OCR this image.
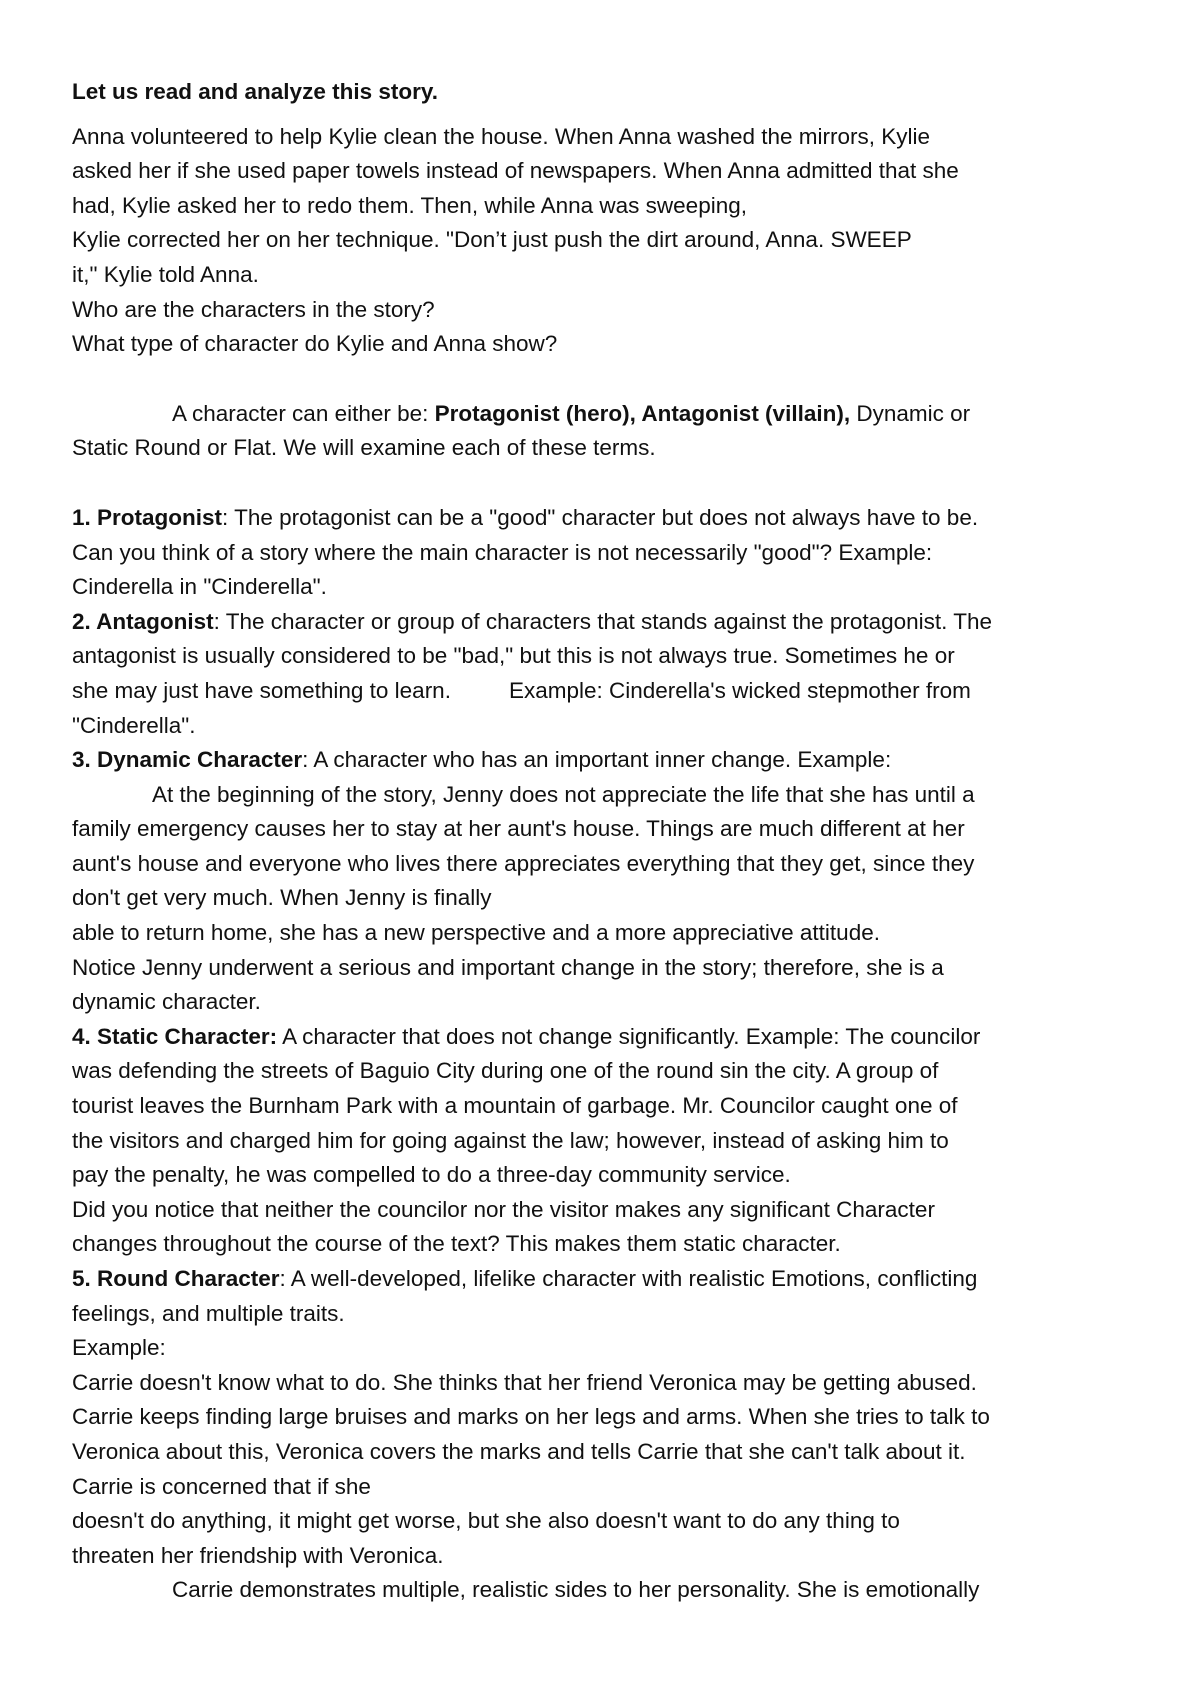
Let us read and analyze this story.

Anna volunteered to help Kylie clean the house. When Anna washed the mirrors, Kylie

asked her if she used paper towels instead of newspapers. When Anna admitted that she

had, Kylie asked her to redo them. Then, while Anna was sweeping,

Kylie corrected her on her technique. "Don’t just push the dirt around, Anna. SWEEP

it," Kylie told Anna.

Who are the characters in the story?

What type of character do Kylie and Anna show?

A character can either be: Protagonist (hero), Antagonist (villain), Dynamic or

Static Round or Flat. We will examine each of these terms.

1. Protagonist: The protagonist can be a "good" character but does not always have to be.

Can you think of a story where the main character is not necessarily "good"? Example:

Cinderella in "Cinderella".

2. Antagonist: The character or group of characters that stands against the protagonist. The

antagonist is usually considered to be "bad," but this is not always true. Sometimes he or

she may just have something to learn.	Example: Cinderella's wicked stepmother from

"Cinderella".

3. Dynamic Character: A character who has an important inner change. Example:

At the beginning of the story, Jenny does not appreciate the life that she has until a

family emergency causes her to stay at her aunt's house. Things are much different at her

aunt's house and everyone who lives there appreciates everything that they get, since they

don't get very much. When Jenny is finally

able to return home, she has a new perspective and a more appreciative attitude.

Notice Jenny underwent a serious and important change in the story; therefore, she is a

dynamic character.

4. Static Character: A character that does not change significantly. Example: The councilor

was defending the streets of Baguio City during one of the round sin the city. A group of

tourist leaves the Burnham Park with a mountain of garbage. Mr. Councilor caught one of

the visitors and charged him for going against the law; however, instead of asking him to

pay the penalty, he was compelled to do a three-day community service.

Did you notice that neither the councilor nor the visitor makes any significant Character

changes throughout the course of the text? This makes them static character.

5. Round Character: A well-developed, lifelike character with realistic Emotions, conflicting

feelings, and multiple traits.

Example:

Carrie doesn't know what to do. She thinks that her friend Veronica may be getting abused.

Carrie keeps finding large bruises and marks on her legs and arms. When she tries to talk to

Veronica about this, Veronica covers the marks and tells Carrie that she can't talk about it.

Carrie is concerned that if she

doesn't do anything, it might get worse, but she also doesn't want to do any thing to

threaten her friendship with Veronica.

Carrie demonstrates multiple, realistic sides to her personality. She is emotionally
